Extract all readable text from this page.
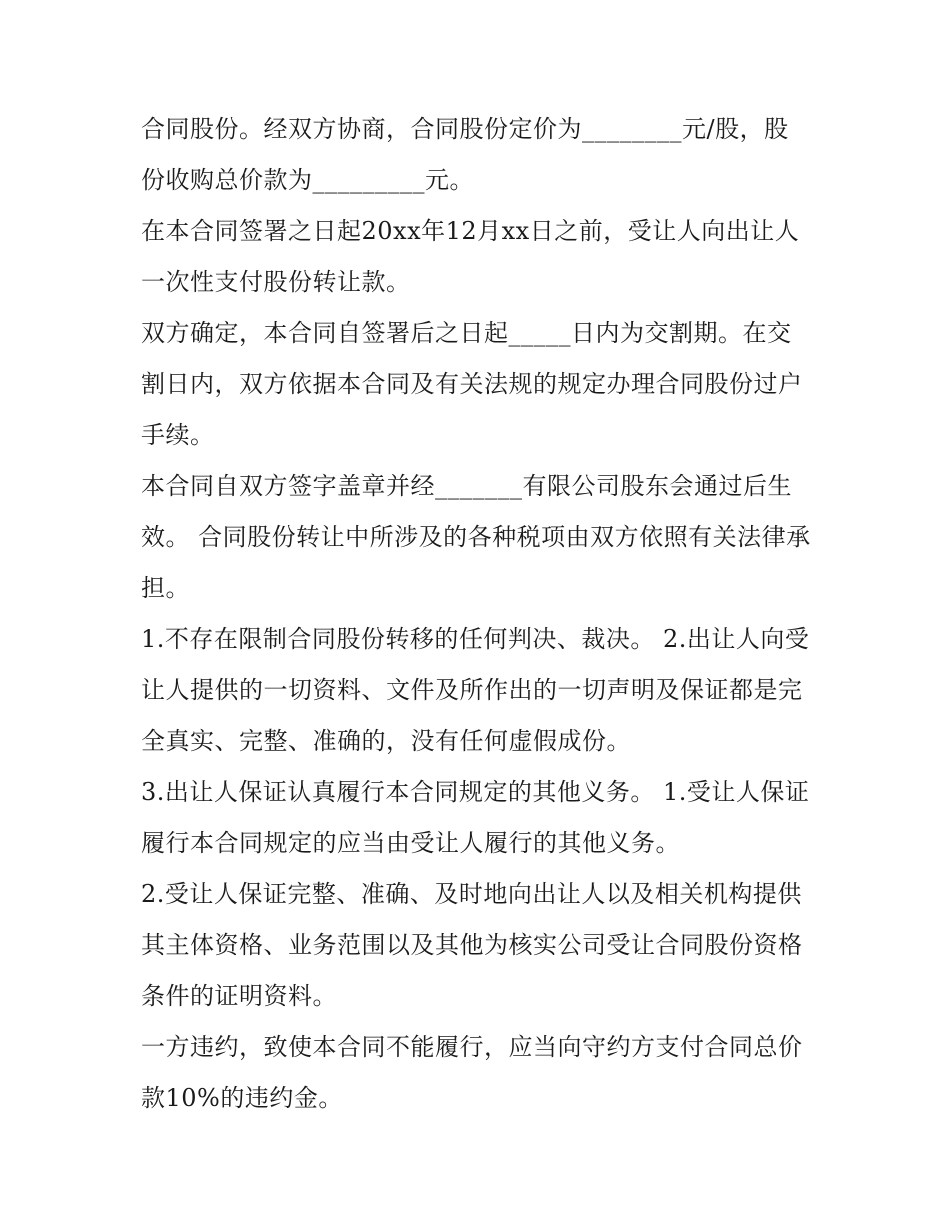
合同股份。经双方协商，合同股份定价为________元/股，股份收购总价款为_________元。

在本合同签署之日起20xx年12月xx日之前，受让人向出让人一次性支付股份转让款。

双方确定，本合同自签署后之日起_____日内为交割期。在交割日内，双方依据本合同及有关法规的规定办理合同股份过户手续。

本合同自双方签字盖章并经_______有限公司股东会通过后生效。 合同股份转让中所涉及的各种税项由双方依照有关法律承担。

1.不存在限制合同股份转移的任何判决、裁决。 2.出让人向受让人提供的一切资料、文件及所作出的一切声明及保证都是完全真实、完整、准确的，没有任何虚假成份。

3.出让人保证认真履行本合同规定的其他义务。 1.受让人保证履行本合同规定的应当由受让人履行的其他义务。

2.受让人保证完整、准确、及时地向出让人以及相关机构提供其主体资格、业务范围以及其他为核实公司受让合同股份资格条件的证明资料。

一方违约，致使本合同不能履行，应当向守约方支付合同总价款10%的违约金。
